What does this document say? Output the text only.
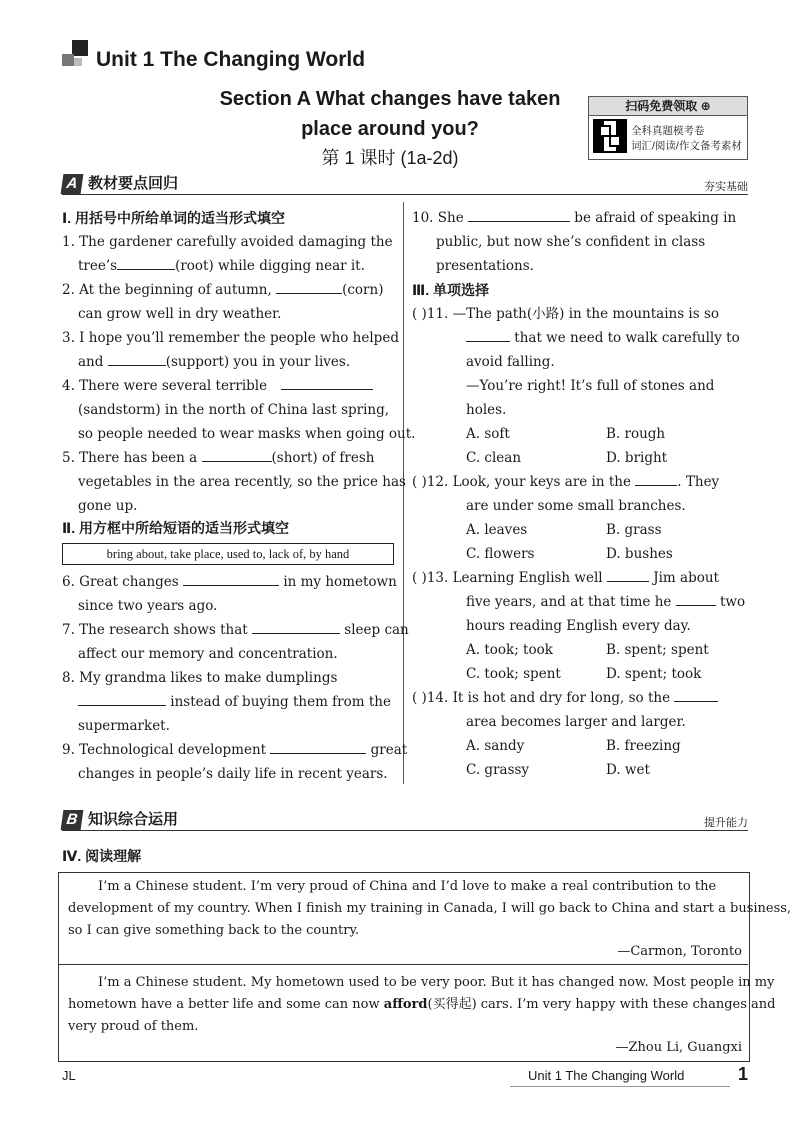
Unit 1 The Changing World
Section A What changes have taken
place around you?
第 1 课时 (1a-2d)
扫码免费领取 ⊕
全科真题模考卷
词汇/阅读/作文备考素材
A 教材要点回归	夯实基础
Ⅰ. 用括号中所给单词的适当形式填空
1. The gardener carefully avoided damaging the
tree’s	(root) while digging near it.
2. At the beginning of autumn,	(corn)
can grow well in dry weather.
3. I hope you’ll remember the people who helped
and	(support) you in your lives.
4. There were several terrible
(sandstorm) in the north of China last spring,
so people needed to wear masks when going out.
5. There has been a	(short) of fresh
vegetables in the area recently, so the price has
gone up.
Ⅱ. 用方框中所给短语的适当形式填空
bring about, take place, used to, lack of, by hand
6. Great changes	in my hometown
since two years ago.
7. The research shows that	sleep can
affect our memory and concentration.
8. My grandma likes to make dumplings
instead of buying them from the
supermarket.
9. Technological development	great
changes in people’s daily life in recent years.
10. She	be afraid of speaking in
public, but now she’s confident in class
presentations.
Ⅲ. 单项选择
( )11. —The path(小路) in the mountains is so
that we need to walk carefully to
avoid falling.
—You’re right! It’s full of stones and
holes.
A. soft	B. rough
C. clean	D. bright
( )12. Look, your keys are in the	. They
are under some small branches.
A. leaves	B. grass
C. flowers	D. bushes
( )13. Learning English well	Jim about
five years, and at that time he	two
hours reading English every day.
A. took; took	B. spent; spent
C. took; spent	D. spent; took
( )14. It is hot and dry for long, so the
area becomes larger and larger.
A. sandy	B. freezing
C. grassy	D. wet
B 知识综合运用	提升能力
Ⅳ. 阅读理解
I’m a Chinese student. I’m very proud of China and I’d love to make a real contribution to the
development of my country. When I finish my training in Canada, I will go back to China and start a business,
so I can give something back to the country.
—Carmon, Toronto
I’m a Chinese student. My hometown used to be very poor. But it has changed now. Most people in my
hometown have a better life and some can now afford(买得起) cars. I’m very happy with these changes and
very proud of them.
—Zhou Li, Guangxi
JL	Unit 1 The Changing World	1
